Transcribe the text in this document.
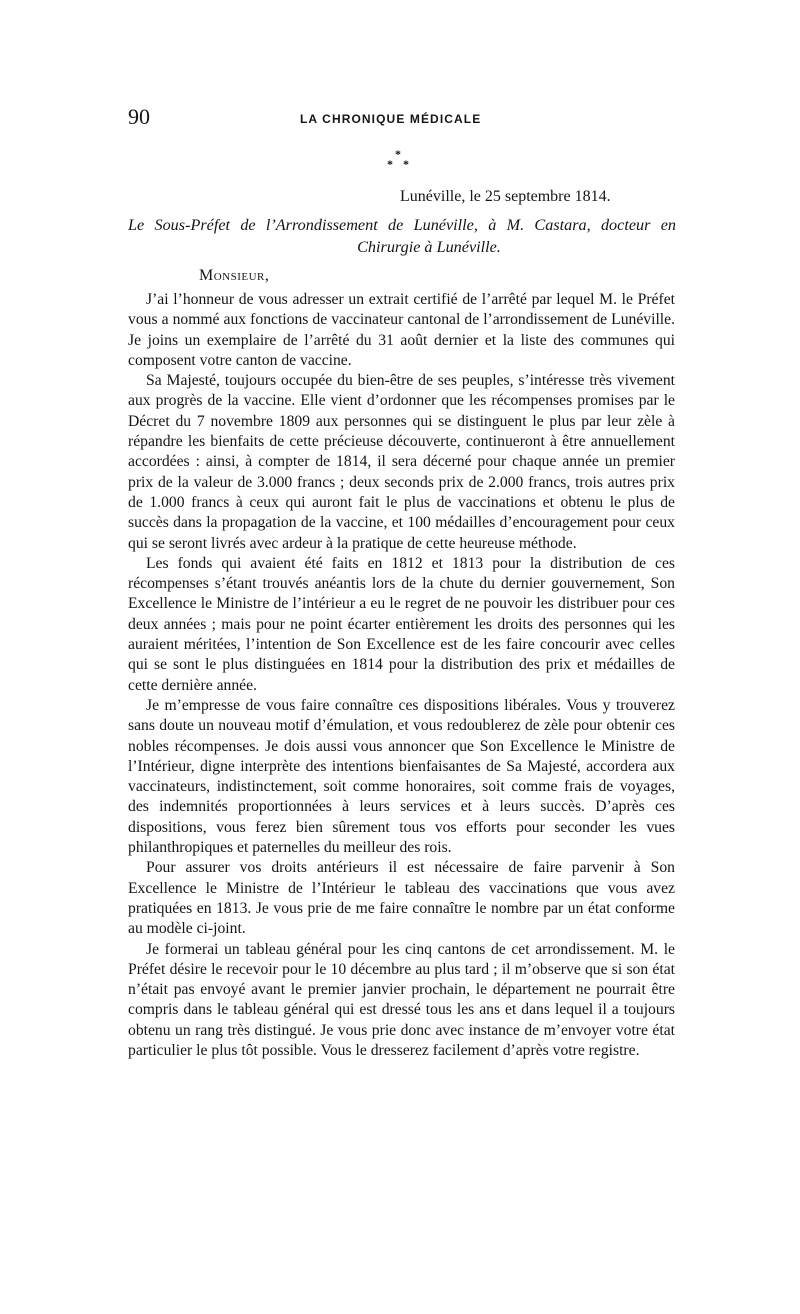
90	LA CHRONIQUE MÉDICALE
*
* *
Lunéville, le 25 septembre 1814.
Le Sous-Préfet de l’Arrondissement de Lunéville, à M. Castara, docteur en
Chirurgie à Lunéville.
Monsieur,

J’ai l’honneur de vous adresser un extrait certifié de l’arrêté par lequel M. le Préfet vous a nommé aux fonctions de vaccinateur cantonal de l’arrondissement de Lunéville. Je joins un exemplaire de l’arrêté du 31 août dernier et la liste des communes qui composent votre canton de vaccine.

Sa Majesté, toujours occupée du bien-être de ses peuples, s’intéresse très vivement aux progrès de la vaccine. Elle vient d’ordonner que les récompenses promises par le Décret du 7 novembre 1809 aux personnes qui se distinguent le plus par leur zèle à répandre les bienfaits de cette précieuse découverte, continueront à être annuellement accordées : ainsi, à compter de 1814, il sera décerné pour chaque année un premier prix de la valeur de 3.000 francs ; deux seconds prix de 2.000 francs, trois autres prix de 1.000 francs à ceux qui auront fait le plus de vaccinations et obtenu le plus de succès dans la propagation de la vaccine, et 100 médailles d’encouragement pour ceux qui se seront livrés avec ardeur à la pratique de cette heureuse méthode.

Les fonds qui avaient été faits en 1812 et 1813 pour la distribution de ces récompenses s’étant trouvés anéantis lors de la chute du dernier gouvernement, Son Excellence le Ministre de l’intérieur a eu le regret de ne pouvoir les distribuer pour ces deux années ; mais pour ne point écarter entièrement les droits des personnes qui les auraient méritées, l’intention de Son Excellence est de les faire concourir avec celles qui se sont le plus distinguées en 1814 pour la distribution des prix et médailles de cette dernière année.

Je m’empresse de vous faire connaître ces dispositions libérales. Vous y trouverez sans doute un nouveau motif d’émulation, et vous redoublerez de zèle pour obtenir ces nobles récompenses. Je dois aussi vous annoncer que Son Excellence le Ministre de l’Intérieur, digne interprète des intentions bienfaisantes de Sa Majesté, accordera aux vaccinateurs, indistinctement, soit comme honoraires, soit comme frais de voyages, des indemnités proportionnées à leurs services et à leurs succès. D’après ces dispositions, vous ferez bien sûrement tous vos efforts pour seconder les vues philanthropiques et paternelles du meilleur des rois.

Pour assurer vos droits antérieurs il est nécessaire de faire parvenir à Son Excellence le Ministre de l’Intérieur le tableau des vaccinations que vous avez pratiquées en 1813. Je vous prie de me faire connaître le nombre par un état conforme au modèle ci-joint.

Je formerai un tableau général pour les cinq cantons de cet arrondissement. M. le Préfet désire le recevoir pour le 10 décembre au plus tard ; il m’observe que si son état n’était pas envoyé avant le premier janvier prochain, le département ne pourrait être compris dans le tableau général qui est dressé tous les ans et dans lequel il a toujours obtenu un rang très distingué. Je vous prie donc avec instance de m’envoyer votre état particulier le plus tôt possible. Vous le dresserez facilement d’après votre registre.
